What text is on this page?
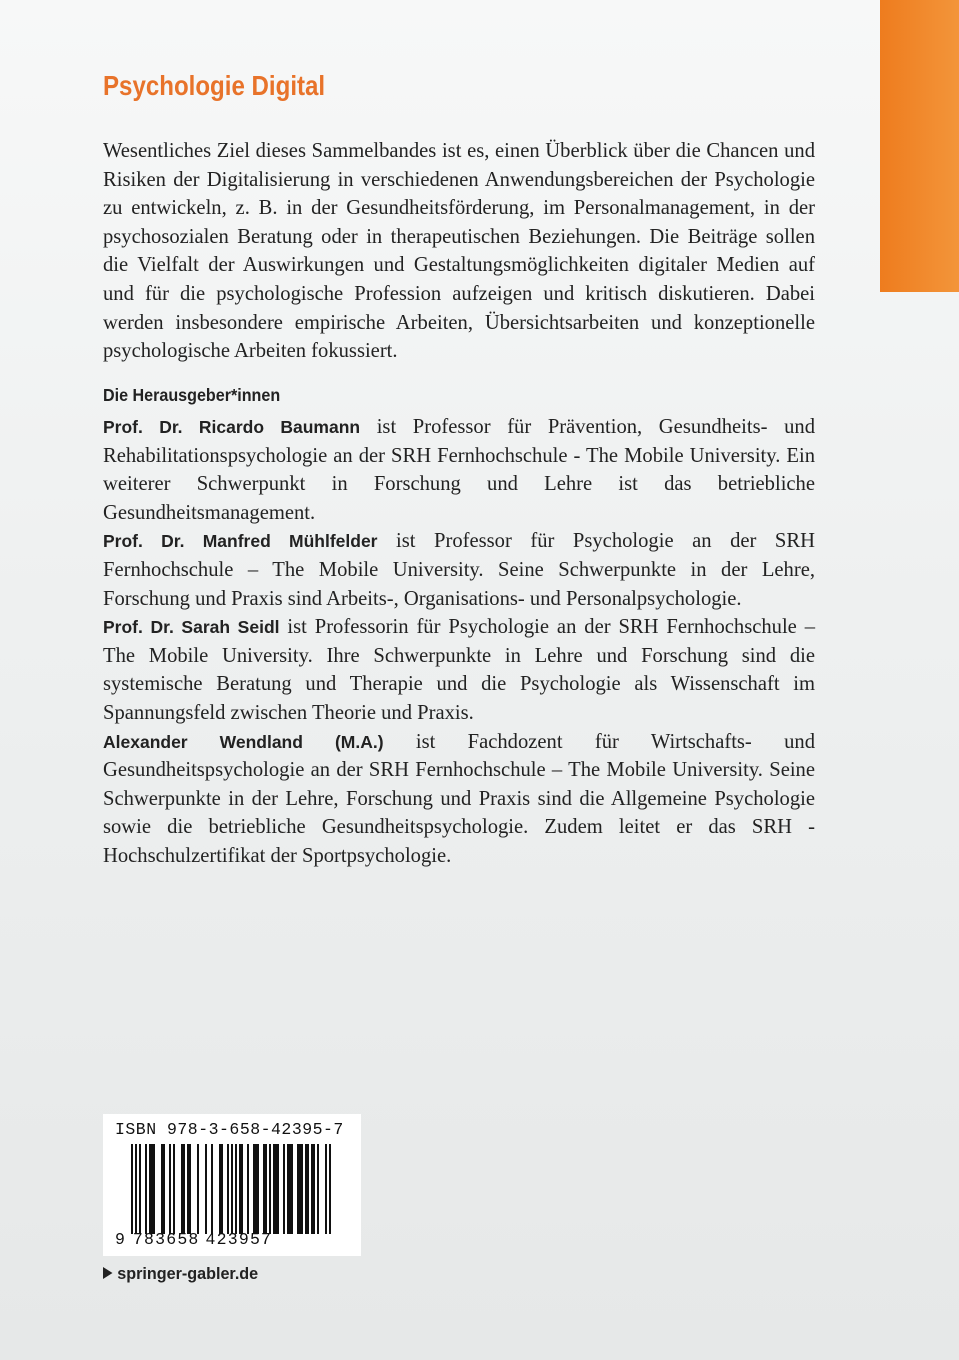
Psychologie Digital

Wesentliches Ziel dieses Sammelbandes ist es, einen Überblick über die Chancen und Risiken der Digitalisierung in verschiedenen Anwendungsbereichen der Psychologie zu entwickeln, z. B. in der Gesundheitsförderung, im Personalmanagement, in der psychosozialen Beratung oder in therapeutischen Beziehungen. Die Beiträge sollen die Vielfalt der Auswirkungen und Gestaltungsmöglichkeiten digitaler Medien auf und für die psychologische Profession aufzeigen und kritisch diskutieren. Dabei werden insbesondere empirische Arbeiten, Übersichtsarbeiten und konzeptionelle psychologische Arbeiten fokussiert.

Die Herausgeber*innen

Prof. Dr. Ricardo Baumann ist Professor für Prävention, Gesundheits- und Rehabilitationspsychologie an der SRH Fernhochschule - The Mobile University. Ein weiterer Schwerpunkt in Forschung und Lehre ist das betriebliche Gesundheitsmanagement.

Prof. Dr. Manfred Mühlfelder ist Professor für Psychologie an der SRH Fernhochschule – The Mobile University. Seine Schwerpunkte in der Lehre, Forschung und Praxis sind Arbeits-, Organisations- und Personalpsychologie.

Prof. Dr. Sarah Seidl ist Professorin für Psychologie an der SRH Fernhochschule – The Mobile University. Ihre Schwerpunkte in Lehre und Forschung sind die systemische Beratung und Therapie und die Psychologie als Wissenschaft im Spannungsfeld zwischen Theorie und Praxis.

Alexander Wendland (M.A.) ist Fachdozent für Wirtschafts- und Gesundheitspsychologie an der SRH Fernhochschule – The Mobile University. Seine Schwerpunkte in der Lehre, Forschung und Praxis sind die Allgemeine Psychologie sowie die betriebliche Gesundheitspsychologie. Zudem leitet er das SRH -Hochschulzertifikat der Sportpsychologie.

ISBN 978-3-658-42395-7
9 783658 423957
springer-gabler.de
